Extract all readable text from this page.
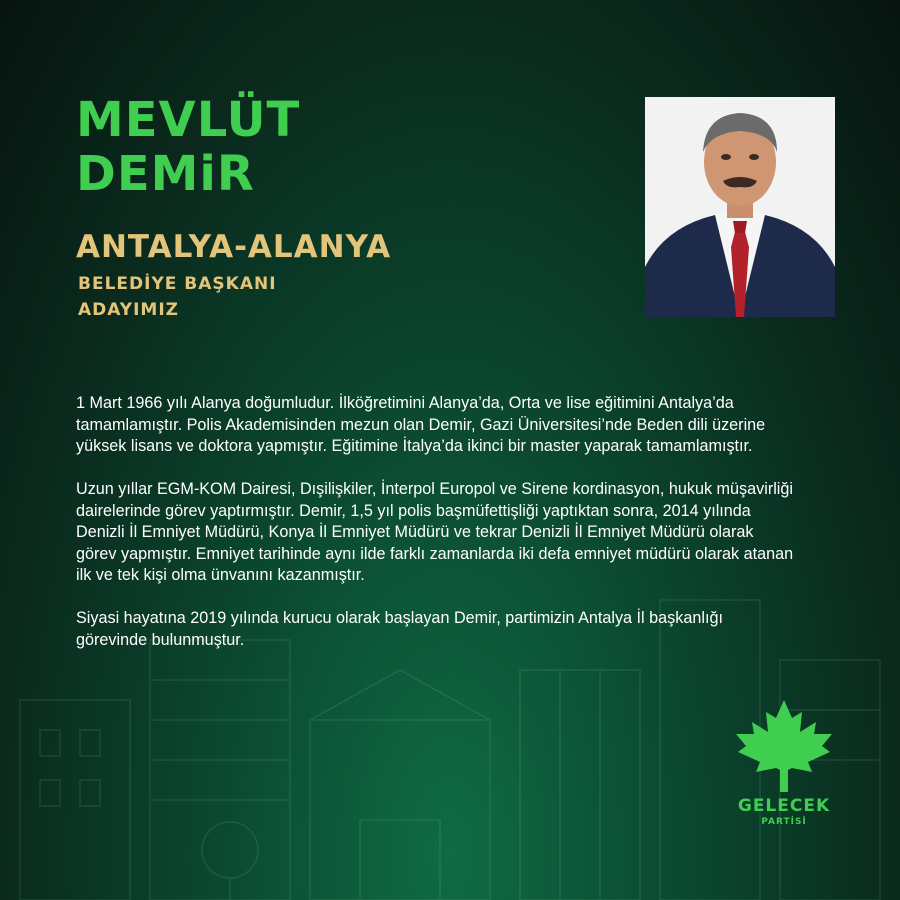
MEVLÜT
DEMiR
ANTALYA-ALANYA
BELEDİYE BAŞKANI
ADAYIMIZ

1 Mart 1966 yılı Alanya doğumludur. İlköğretimini Alanya’da, Orta ve lise eğitimini Antalya’da tamamlamıştır. Polis Akademisinden mezun olan Demir, Gazi Üniversitesi’nde Beden dili üzerine yüksek lisans ve doktora yapmıştır. Eğitimine İtalya’da ikinci bir master yaparak tamamlamıştır.

Uzun yıllar EGM-KOM Dairesi, Dışilişkiler, İnterpol Europol ve Sirene kordinasyon, hukuk müşavirliği dairelerinde görev yaptırmıştır. Demir, 1,5 yıl polis başmüfettişliği yaptıktan sonra, 2014 yılında Denizli İl Emniyet Müdürü, Konya İl Emniyet Müdürü ve tekrar Denizli İl Emniyet Müdürü olarak görev yapmıştır. Emniyet tarihinde aynı ilde farklı zamanlarda iki defa emniyet müdürü olarak atanan ilk ve tek kişi olma ünvanını kazanmıştır.

Siyasi hayatına 2019 yılında kurucu olarak başlayan Demir, partimizin Antalya İl başkanlığı görevinde bulunmuştur.

GELECEK
PARTİSİ
